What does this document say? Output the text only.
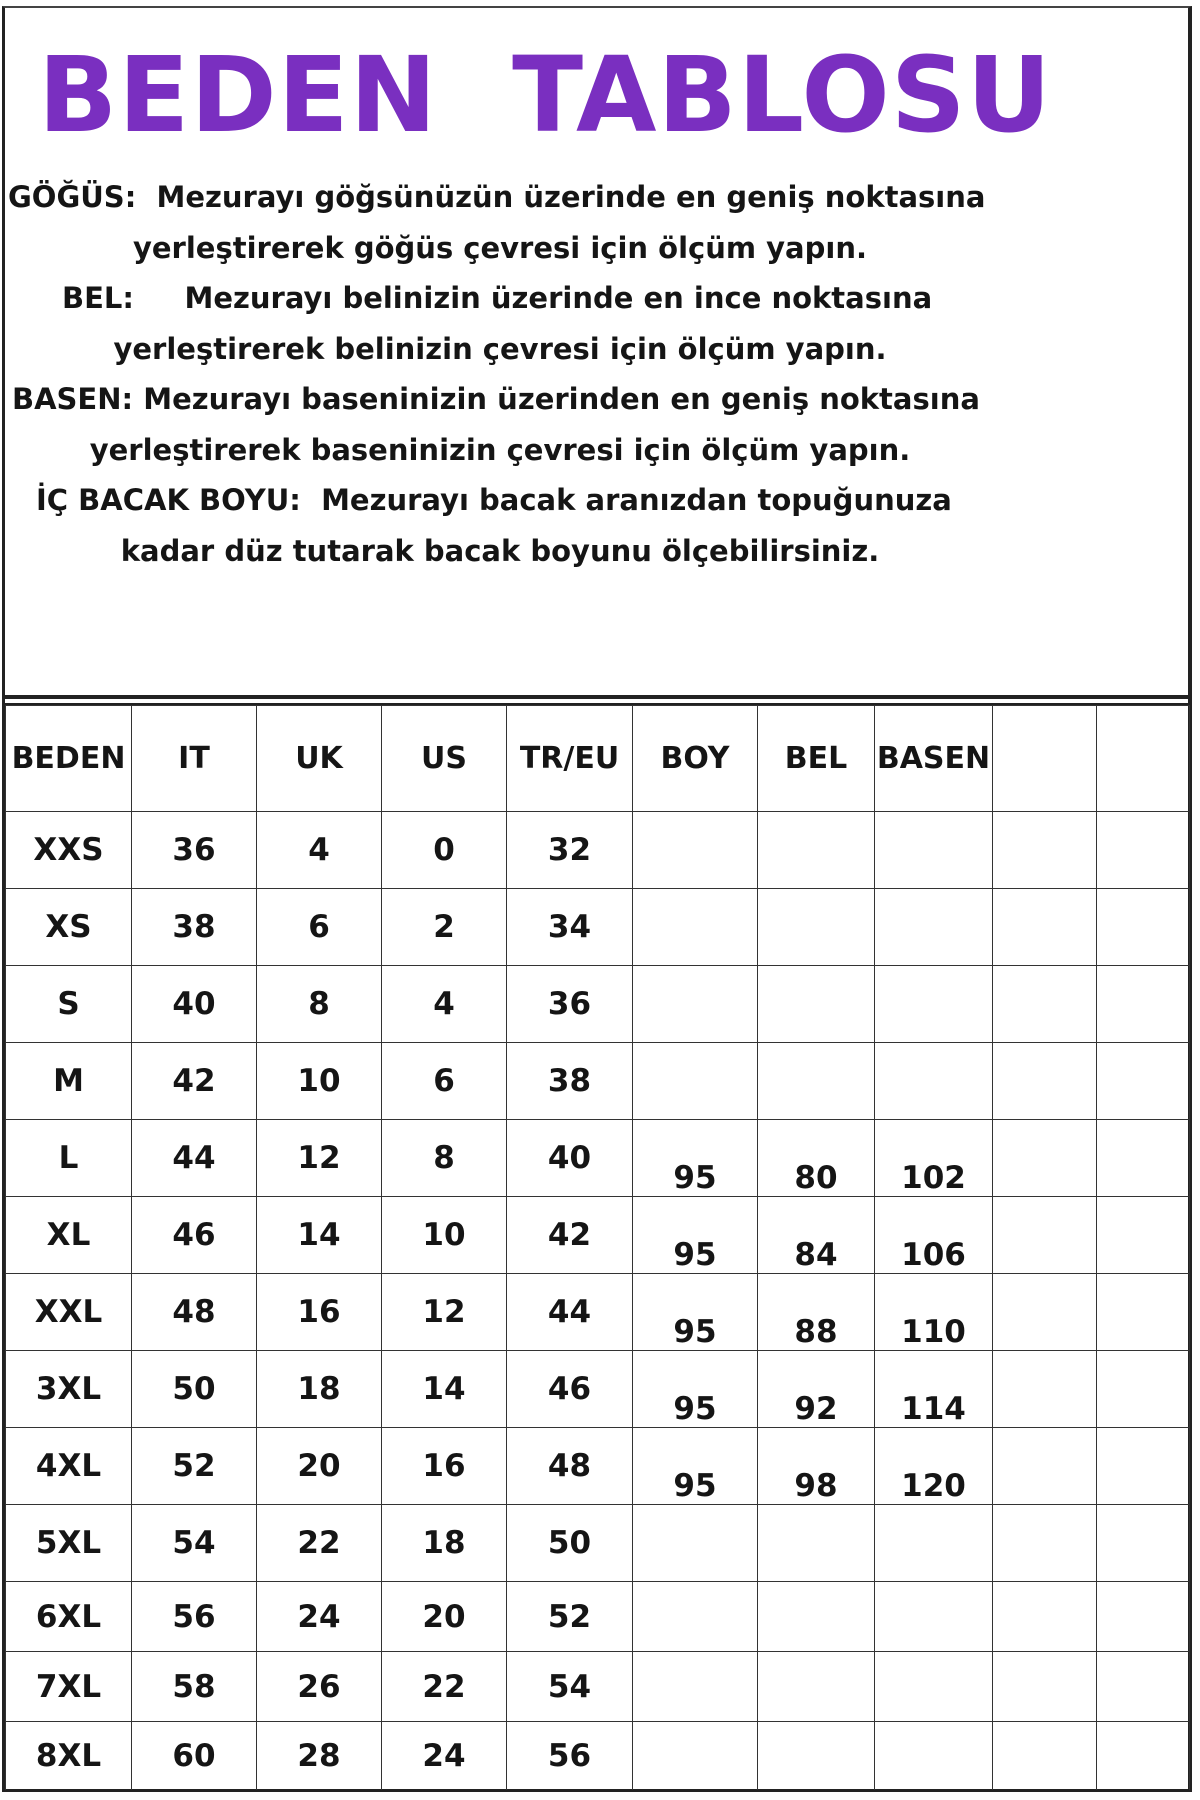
BEDEN  TABLOSU
GÖĞÜS:  Mezurayı göğsünüzün üzerinde en geniş noktasına
yerleştirerek göğüs çevresi için ölçüm yapın.
BEL:     Mezurayı belinizin üzerinde en ince noktasına
yerleştirerek belinizin çevresi için ölçüm yapın.
BASEN: Mezurayı baseninizin üzerinden en geniş noktasına
yerleştirerek baseninizin çevresi için ölçüm yapın.
İÇ BACAK BOYU:  Mezurayı bacak aranızdan topuğunuza
kadar düz tutarak bacak boyunu ölçebilirsiniz.
BEDEN	IT	UK	US	TR/EU	BOY	BEL	BASEN		
XXS	36	4	0	32					
XS	38	6	2	34					
S	40	8	4	36					
M	42	10	6	38					
L	44	12	8	40	95	80	102		
XL	46	14	10	42	95	84	106		
XXL	48	16	12	44	95	88	110		
3XL	50	18	14	46	95	92	114		
4XL	52	20	16	48	95	98	120		
5XL	54	22	18	50					
6XL	56	24	20	52					
7XL	58	26	22	54					
8XL	60	28	24	56					
